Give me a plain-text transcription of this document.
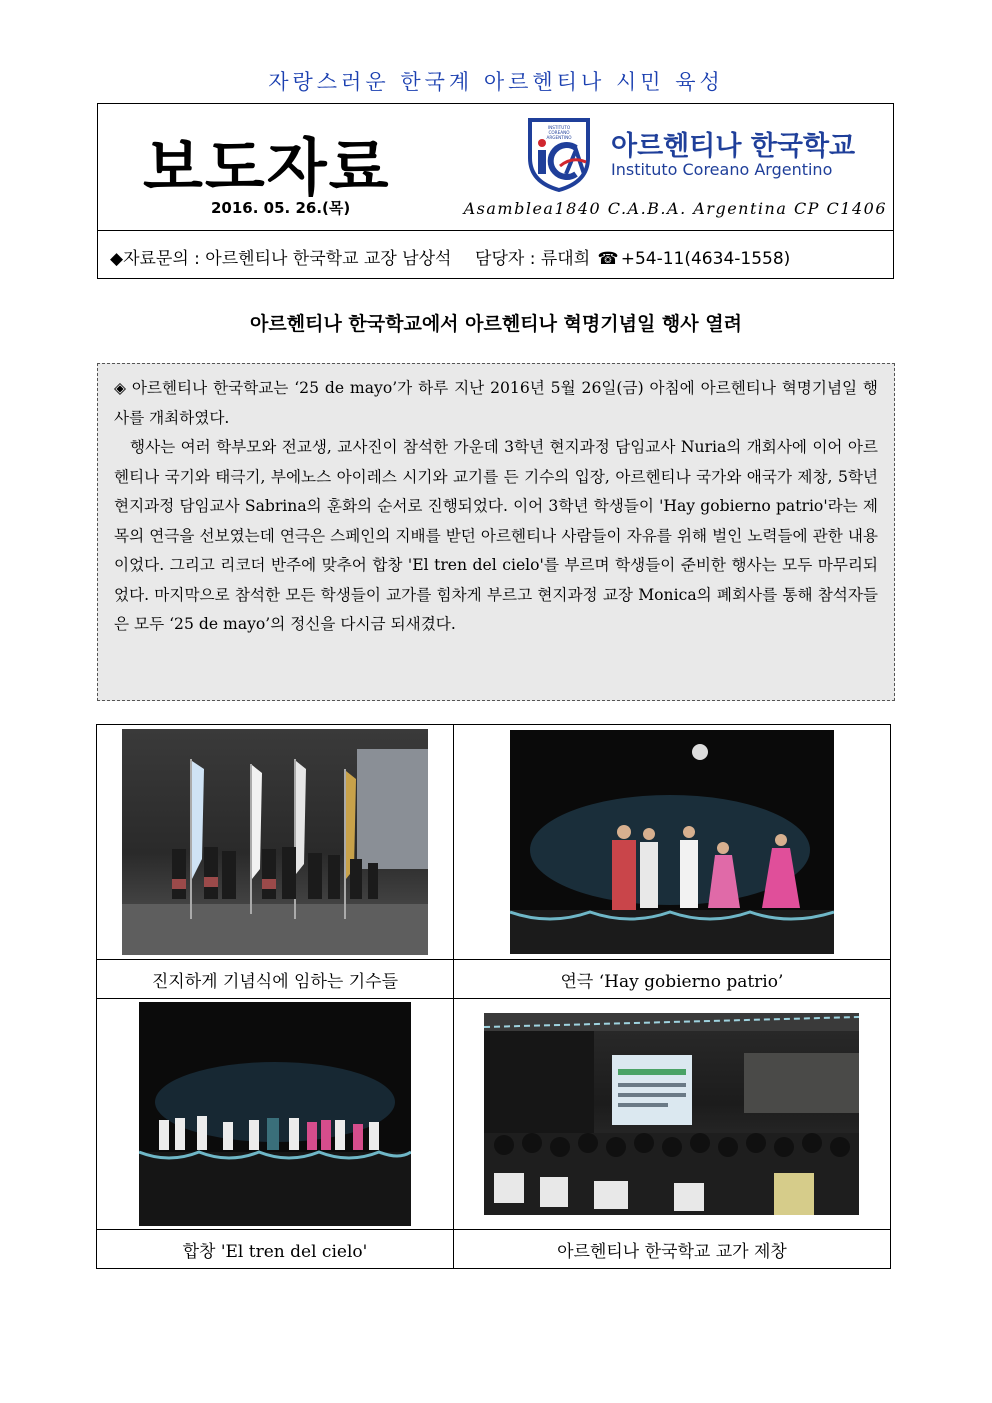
자랑스러운 한국계 아르헨티나 시민 육성
보도자료
2016. 05. 26.(목)
INSTITUTO
COREANO
ARGENTINO 아르헨티나 한국학교
Instituto Coreano Argentino
Asamblea1840 C.A.B.A. Argentina CP C1406
◆자료문의 : 아르헨티나 한국학교 교장 남상석 담당자 : 류대희 ☎ +54-11(4634-1558)
아르헨티나 한국학교에서 아르헨티나 혁명기념일 행사 열려

◈ 아르헨티나 한국학교는 ‘25 de mayo’가 하루 지난 2016년 5월 26일(금) 아침에 아르헨티나 혁명기념일 행사를 개최하였다.

행사는 여러 학부모와 전교생, 교사진이 참석한 가운데 3학년 현지과정 담임교사 Nuria의 개회사에 이어 아르헨티나 국기와 태극기, 부에노스 아이레스 시기와 교기를 든 기수의 입장, 아르헨티나 국가와 애국가 제창, 5학년 현지과정 담임교사 Sabrina의 훈화의 순서로 진행되었다. 이어 3학년 학생들이 'Hay gobierno patrio'라는 제목의 연극을 선보였는데 연극은 스페인의 지배를 받던 아르헨티나 사람들이 자유를 위해 벌인 노력들에 관한 내용이었다. 그리고 리코더 반주에 맞추어 합창 'El tren del cielo'를 부르며 학생들이 준비한 행사는 모두 마무리되었다. 마지막으로 참석한 모든 학생들이 교가를 힘차게 부르고 현지과정 교장 Monica의 폐회사를 통해 참석자들은 모두 ‘25 de mayo’의 정신을 다시금 되새겼다.

진지하게 기념식에 임하는 기수들	연극 ‘Hay gobierno patrio’

합창 'El tren del cielo'	아르헨티나 한국학교 교가 제창
